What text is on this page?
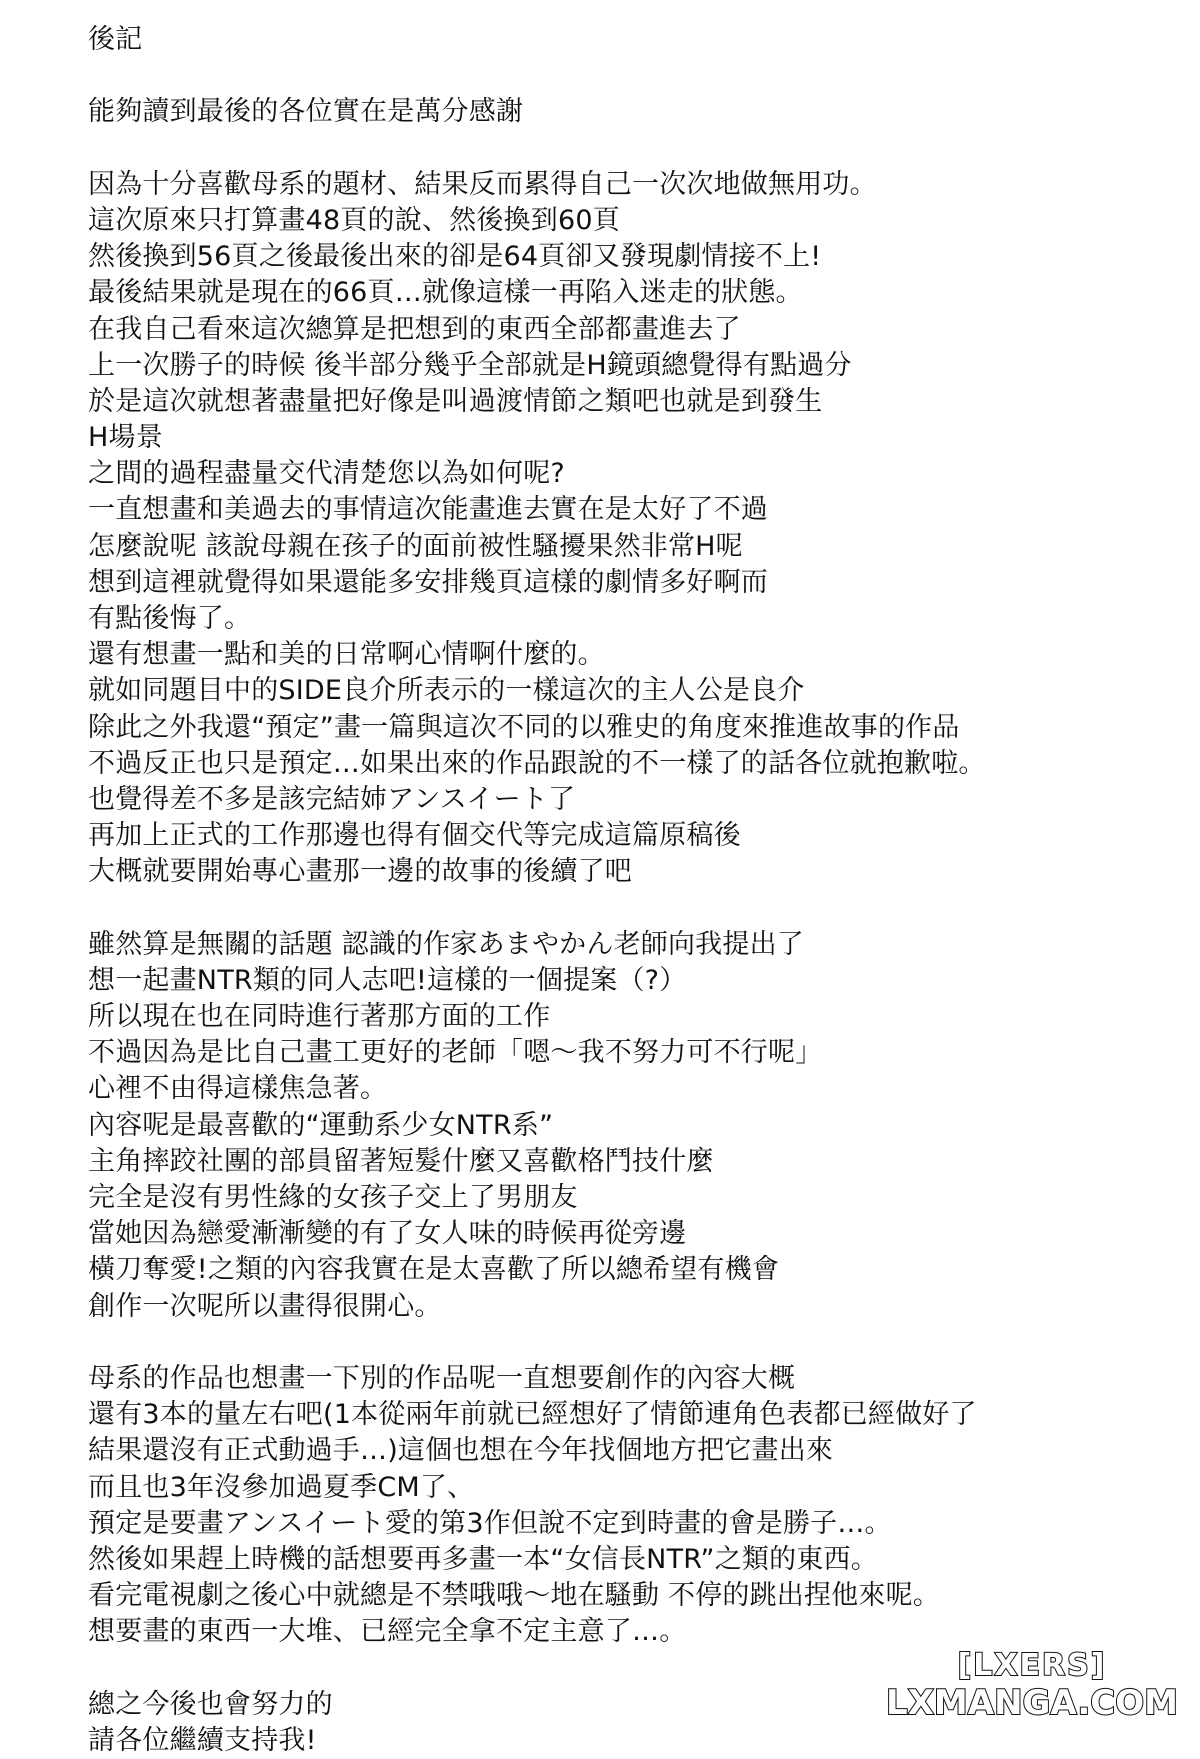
後記
能夠讀到最後的各位實在是萬分感謝
因為十分喜歡母系的題材、結果反而累得自己一次次地做無用功。
這次原來只打算畫48頁的說、然後換到60頁
然後換到56頁之後最後出來的卻是64頁卻又發現劇情接不上!
最後結果就是現在的66頁…就像這樣一再陷入迷走的狀態。
在我自己看來這次總算是把想到的東西全部都畫進去了
上一次勝子的時候 後半部分幾乎全部就是H鏡頭總覺得有點過分
於是這次就想著盡量把好像是叫過渡情節之類吧也就是到發生
H場景
之間的過程盡量交代清楚您以為如何呢?
一直想畫和美過去的事情這次能畫進去實在是太好了不過
怎麼說呢 該說母親在孩子的面前被性騷擾果然非常H呢
想到這裡就覺得如果還能多安排幾頁這樣的劇情多好啊而
有點後悔了。
還有想畫一點和美的日常啊心情啊什麼的。
就如同題目中的SIDE良介所表示的一樣這次的主人公是良介
除此之外我還“預定”畫一篇與這次不同的以雅史的角度來推進故事的作品
不過反正也只是預定…如果出來的作品跟說的不一樣了的話各位就抱歉啦。
也覺得差不多是該完結姉アンスイート了
再加上正式的工作那邊也得有個交代等完成這篇原稿後
大概就要開始專心畫那一邊的故事的後續了吧
雖然算是無關的話題 認識的作家あまやかん老師向我提出了
想一起畫NTR類的同人志吧!這樣的一個提案（?）
所以現在也在同時進行著那方面的工作
不過因為是比自己畫工更好的老師「嗯～我不努力可不行呢」
心裡不由得這樣焦急著。
內容呢是最喜歡的“運動系少女NTR系”
主角摔跤社團的部員留著短髮什麼又喜歡格鬥技什麼
完全是沒有男性緣的女孩子交上了男朋友
當她因為戀愛漸漸變的有了女人味的時候再從旁邊
橫刀奪愛!之類的內容我實在是太喜歡了所以總希望有機會
創作一次呢所以畫得很開心。
母系的作品也想畫一下別的作品呢一直想要創作的內容大概
還有3本的量左右吧(1本從兩年前就已經想好了情節連角色表都已經做好了
結果還沒有正式動過手…)這個也想在今年找個地方把它畫出來
而且也3年沒參加過夏季CM了、
預定是要畫アンスイート愛的第3作但說不定到時畫的會是勝子…。
然後如果趕上時機的話想要再多畫一本“女信長NTR”之類的東西。
看完電視劇之後心中就總是不禁哦哦～地在騷動 不停的跳出捏他來呢。
想要畫的東西一大堆、已經完全拿不定主意了…。
總之今後也會努力的
請各位繼續支持我!
[LXERS]
LXMANGA.COM
